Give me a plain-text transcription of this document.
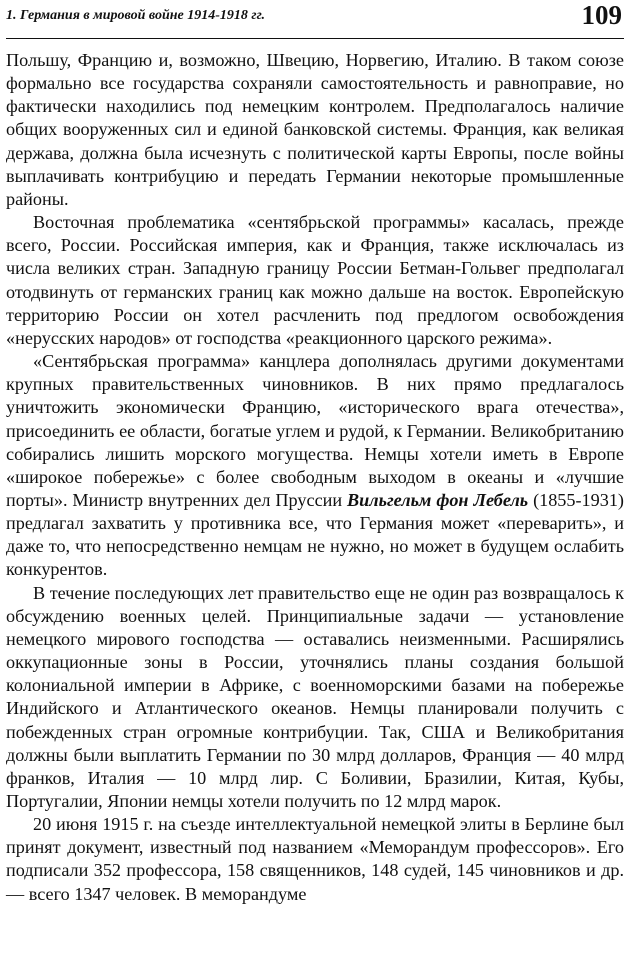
1. Германия в мировой войне 1914-1918 гг.	109

Польшу, Францию и, возможно, Швецию, Норвегию, Италию. В таком союзе формально все государства сохраняли самостоятельность и равноправие, но фактически находились под немецким контролем. Предполагалось наличие общих вооруженных сил и единой банковской системы. Франция, как великая держава, должна была исчезнуть с политической карты Европы, после войны выплачивать контрибуцию и передать Германии некоторые промышленные районы.

Восточная проблематика «сентябрьской программы» касалась, прежде всего, России. Российская империя, как и Франция, также исключалась из числа великих стран. Западную границу России Бетман-Гольвег предполагал отодвинуть от германских границ как можно дальше на восток. Европейскую территорию России он хотел расчленить под предлогом освобождения «нерусских народов» от господства «реакционного царского режима».

«Сентябрьская программа» канцлера дополнялась другими документами крупных правительственных чиновников. В них прямо предлагалось уничтожить экономически Францию, «исторического врага отечества», присоединить ее области, богатые углем и рудой, к Германии. Великобританию собирались лишить морского могущества. Немцы хотели иметь в Европе «широкое побережье» с более свободным выходом в океаны и «лучшие порты». Министр внутренних дел Пруссии Вильгельм фон Лебель (1855-1931) предлагал захватить у противника все, что Германия может «переварить», и даже то, что непосредственно немцам не нужно, но может в будущем ослабить конкурентов.

В течение последующих лет правительство еще не один раз возвращалось к обсуждению военных целей. Принципиальные задачи — установление немецкого мирового господства — оставались неизменными. Расширялись оккупационные зоны в России, уточнялись планы создания большой колониальной империи в Африке, с военноморскими базами на побережье Индийского и Атлантического океанов. Немцы планировали получить с побежденных стран огромные контрибуции. Так, США и Великобритания должны были выплатить Германии по 30 млрд долларов, Франция — 40 млрд франков, Италия — 10 млрд лир. С Боливии, Бразилии, Китая, Кубы, Португалии, Японии немцы хотели получить по 12 млрд марок.

20 июня 1915 г. на съезде интеллектуальной немецкой элиты в Берлине был принят документ, известный под названием «Меморандум профессоров». Его подписали 352 профессора, 158 священников, 148 судей, 145 чиновников и др. — всего 1347 человек. В меморандуме
